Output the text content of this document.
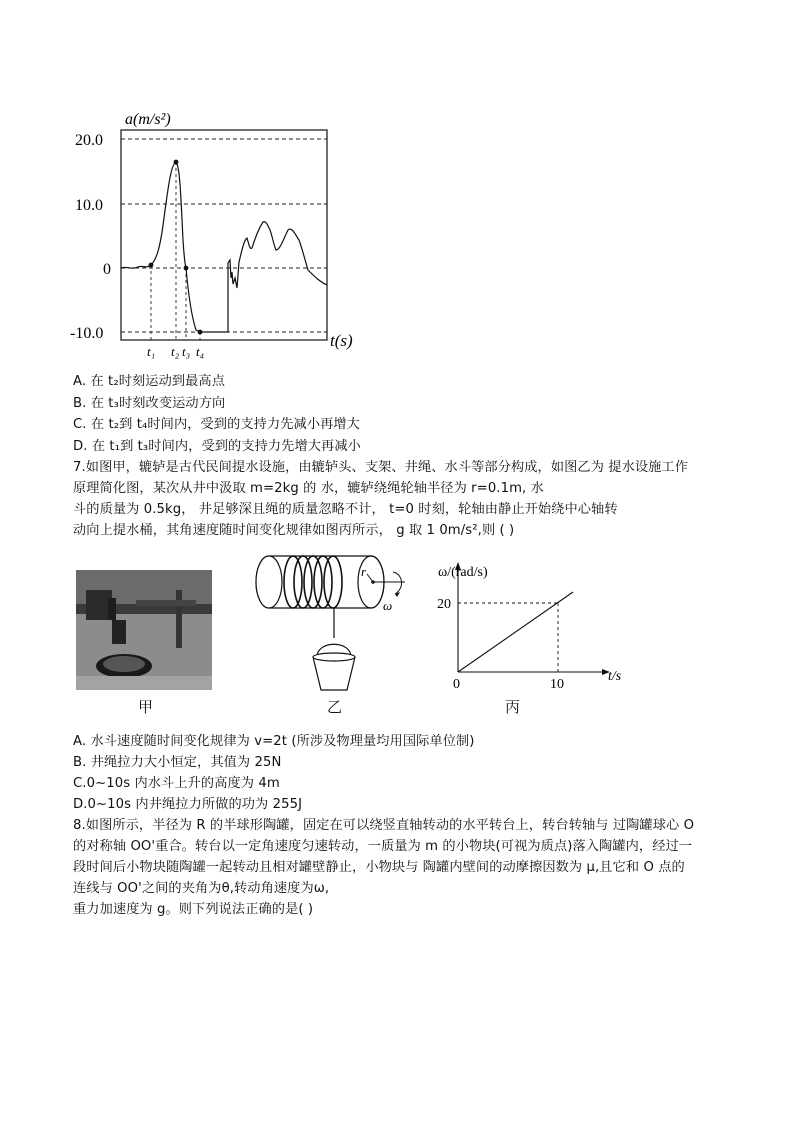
a(m/s²)
20.0
10.0
0
-10.0	t(s)
t₁ t₂ t₃ t₄
A. 在 t₂时刻运动到最高点
B. 在 t₃时刻改变运动方向
C. 在 t₂到 t₄时间内，受到的支持力先减小再增大
D. 在 t₁到 t₃时间内，受到的支持力先增大再减小
7.如图甲，辘轳是古代民间提水设施，由辘轳头、支架、井绳、水斗等部分构成，如图乙为 提水设施工作
原理简化图，某次从井中汲取 m=2kg 的 水，辘轳绕绳轮轴半径为 r=0.1m, 水
斗的质量为 0.5kg， 井足够深且绳的质量忽略不计， t=0 时刻，轮轴由静止开始绕中心轴转
动向上提水桶，其角速度随时间变化规律如图丙所示， g 取 1 0m/s²,则 ( )
r
ω
ω/(rad/s)
20
10
0
t/s
甲	乙	丙
A. 水斗速度随时间变化规律为 v=2t (所涉及物理量均用国际单位制)
B. 井绳拉力大小恒定，其值为 25N
C.0~10s 内水斗上升的高度为 4m
D.0~10s 内井绳拉力所做的功为 255J
8.如图所示，半径为 R 的半球形陶罐，固定在可以绕竖直轴转动的水平转台上，转台转轴与 过陶罐球心 O
的对称轴 OO'重合。转台以一定角速度匀速转动，一质量为 m 的小物块(可视为质点)落入陶罐内，经过一
段时间后小物块随陶罐一起转动且相对罐壁静止，小物块与 陶罐内壁间的动摩擦因数为 μ,且它和 O 点的
连线与 OO'之间的夹角为θ,转动角速度为ω,
重力加速度为 g。则下列说法正确的是( )
